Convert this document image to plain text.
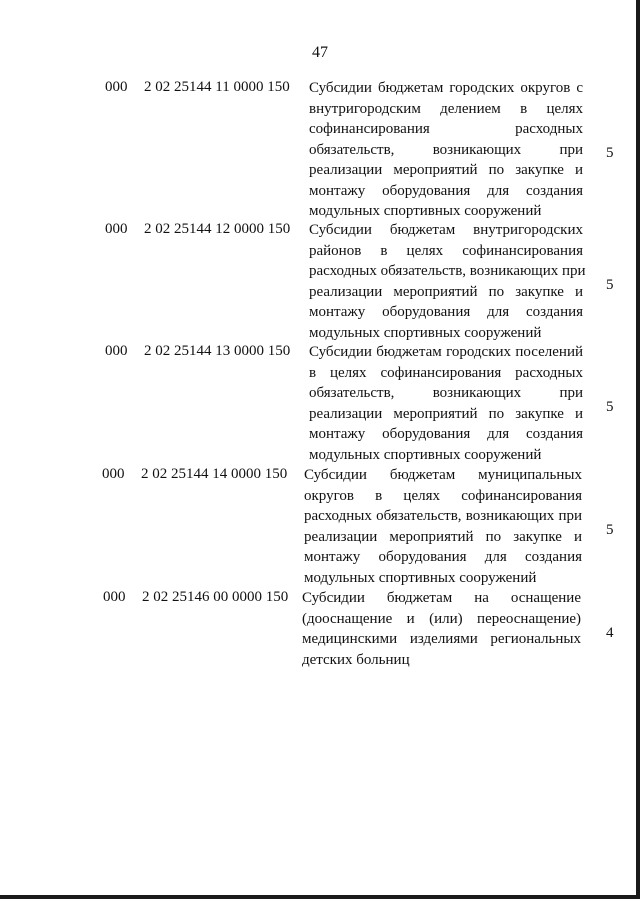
47
000 2 02 25144 11 0000 150 Субсидии бюджетам городских округов с
внутригородским делением в целях
софинансирования	расходных
обязательств,	возникающих	при
реализации мероприятий по закупке и
монтажу оборудования для создания
модульных спортивных сооружений
5
000 2 02 25144 12 0000 150 Субсидии бюджетам внутригородских
районов в целях софинансирования
расходных обязательств, возникающих при
реализации мероприятий по закупке и
монтажу оборудования для создания
модульных спортивных сооружений
5
000 2 02 25144 13 0000 150 Субсидии бюджетам городских поселений
в целях софинансирования расходных
обязательств,	возникающих	при
реализации мероприятий по закупке и
монтажу оборудования для создания
модульных спортивных сооружений
5
000 2 02 25144 14 0000 150 Субсидии бюджетам муниципальных
округов в целях софинансирования
расходных обязательств, возникающих при
реализации мероприятий по закупке и
монтажу оборудования для создания
модульных спортивных сооружений
5
000 2 02 25146 00 0000 150 Субсидии бюджетам на оснащение
(дооснащение и (или) переоснащение)
медицинскими изделиями региональных
детских больниц
4
